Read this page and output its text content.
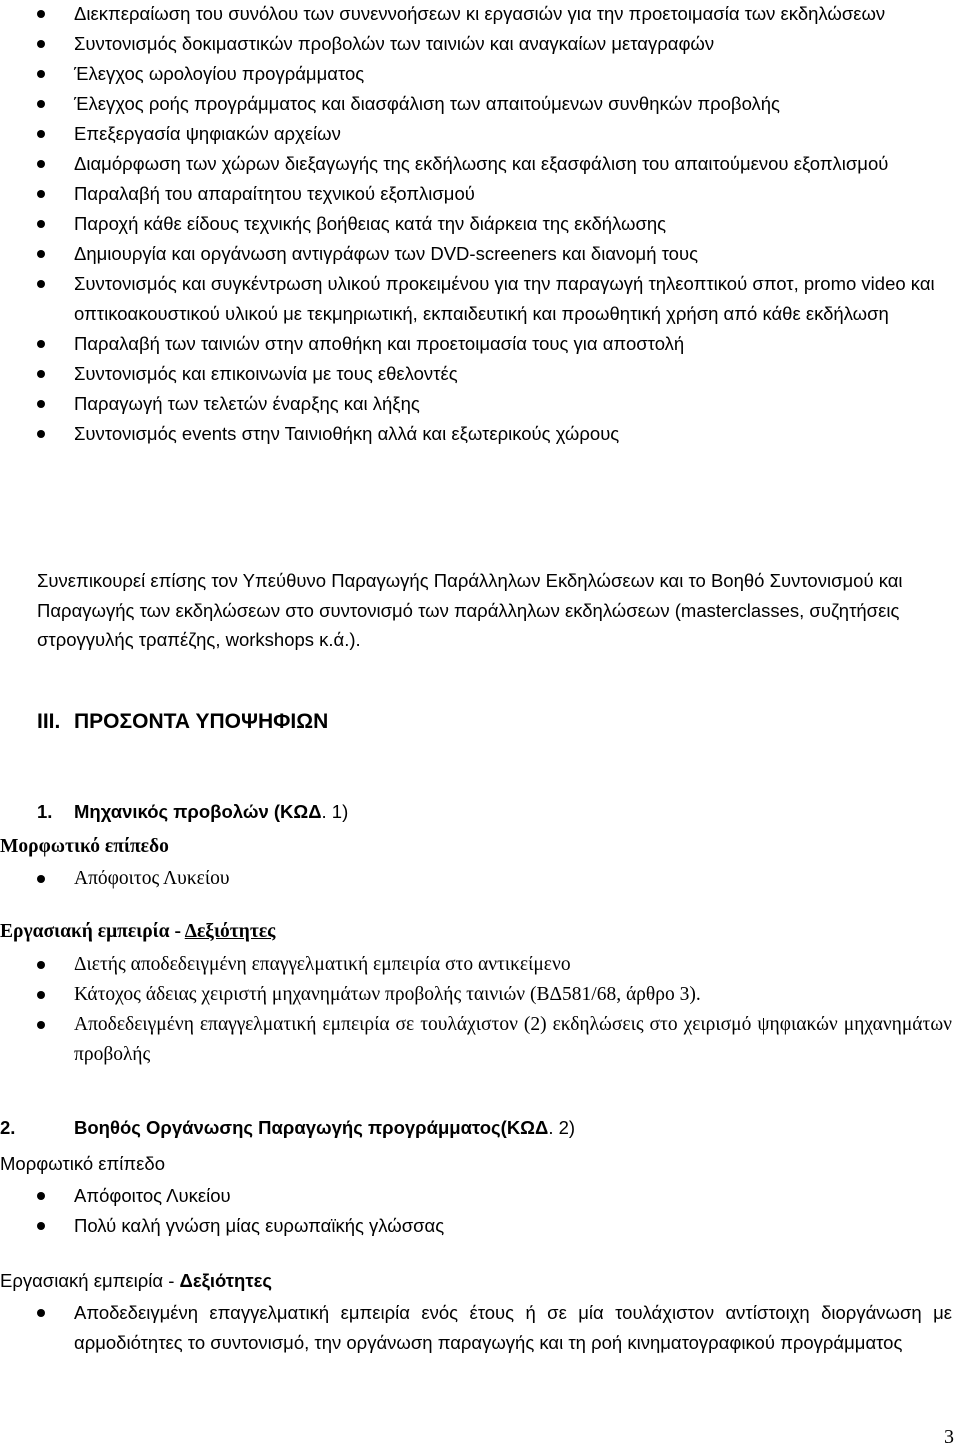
Διεκπεραίωση του συνόλου των συνεννοήσεων κι εργασιών για την προετοιμασία των εκδηλώσεων
Συντονισμός δοκιμαστικών προβολών των ταινιών και αναγκαίων μεταγραφών
Έλεγχος ωρολογίου προγράμματος
Έλεγχος ροής προγράμματος και διασφάλιση των απαιτούμενων συνθηκών προβολής
Επεξεργασία ψηφιακών αρχείων
Διαμόρφωση των χώρων διεξαγωγής της εκδήλωσης και εξασφάλιση του απαιτούμενου εξοπλισμού
Παραλαβή του απαραίτητου τεχνικού εξοπλισμού
Παροχή κάθε είδους τεχνικής βοήθειας κατά την διάρκεια της εκδήλωσης
Δημιουργία και οργάνωση αντιγράφων των DVD-screeners και διανομή τους
Συντονισμός και συγκέντρωση υλικού προκειμένου για την παραγωγή τηλεοπτικού σποτ, promo video και οπτικοακουστικού υλικού με τεκμηριωτική, εκπαιδευτική και προωθητική χρήση από κάθε εκδήλωση
Παραλαβή των ταινιών στην αποθήκη και προετοιμασία τους για αποστολή
Συντονισμός και επικοινωνία με τους εθελοντές
Παραγωγή των τελετών έναρξης και λήξης
Συντονισμός events στην Ταινιοθήκη αλλά και εξωτερικούς χώρους

Συνεπικουρεί επίσης τον Υπεύθυνο Παραγωγής Παράλληλων Εκδηλώσεων και το Βοηθό Συντονισμού και Παραγωγής των εκδηλώσεων στο συντονισμό των παράλληλων εκδηλώσεων (masterclasses, συζητήσεις στρογγυλής τραπέζης, workshops κ.ά.).

III. ΠΡΟΣΟΝΤΑ ΥΠΟΨΗΦΙΩΝ
1. Μηχανικός προβολών (ΚΩΔ. 1)
Μορφωτικό επίπεδο
Απόφοιτος Λυκείου
Εργασιακή εμπειρία - Δεξιότητες
Διετής αποδεδειγμένη επαγγελματική εμπειρία στο αντικείμενο
Κάτοχος άδειας χειριστή μηχανημάτων προβολής ταινιών (ΒΔ581/68, άρθρο 3).
Αποδεδειγμένη επαγγελματική εμπειρία σε τουλάχιστον (2) εκδηλώσεις στο χειρισμό ψηφιακών μηχανημάτων προβολής
2.	Βοηθός Οργάνωσης Παραγωγής προγράμματος(ΚΩΔ. 2)
Μορφωτικό επίπεδο
Απόφοιτος Λυκείου
Πολύ καλή γνώση μίας ευρωπαϊκής γλώσσας
Εργασιακή εμπειρία - Δεξιότητες
Αποδεδειγμένη επαγγελματική εμπειρία ενός έτους ή σε μία τουλάχιστον αντίστοιχη διοργάνωση με αρμοδιότητες το συντονισμό, την οργάνωση παραγωγής και τη ροή κινηματογραφικού προγράμματος
3
